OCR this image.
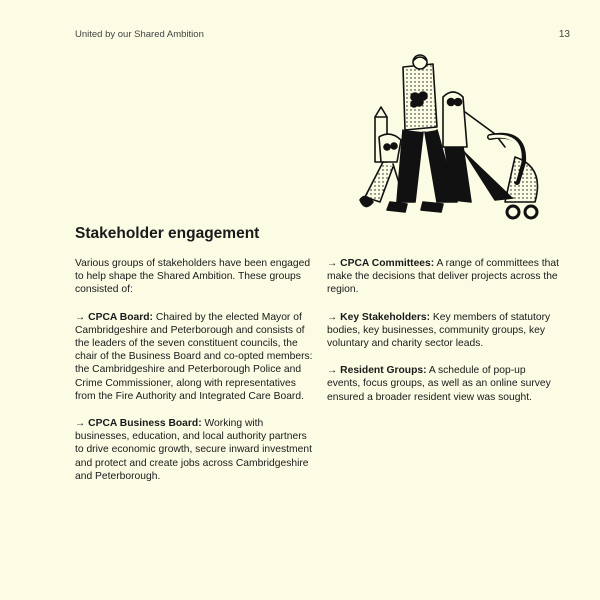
United by our Shared Ambition	13
Stakeholder engagement

Various groups of stakeholders have been engaged to help shape the Shared Ambition. These groups consisted of:

→ CPCA Board: Chaired by the elected Mayor of Cambridgeshire and Peterborough and consists of the leaders of the seven constituent councils, the chair of the Business Board and co-opted members: the Cambridgeshire and Peterborough Police and Crime Commissioner, along with representatives from the Fire Authority and Integrated Care Board.

→ CPCA Business Board: Working with businesses, education, and local authority partners to drive economic growth, secure inward investment and protect and create jobs across Cambridgeshire and Peterborough.

→ CPCA Committees: A range of committees that make the decisions that deliver projects across the region.

→ Key Stakeholders: Key members of statutory bodies, key businesses, community groups, key voluntary and charity sector leads.

→ Resident Groups: A schedule of pop-up events, focus groups, as well as an online survey ensured a broader resident view was sought.
